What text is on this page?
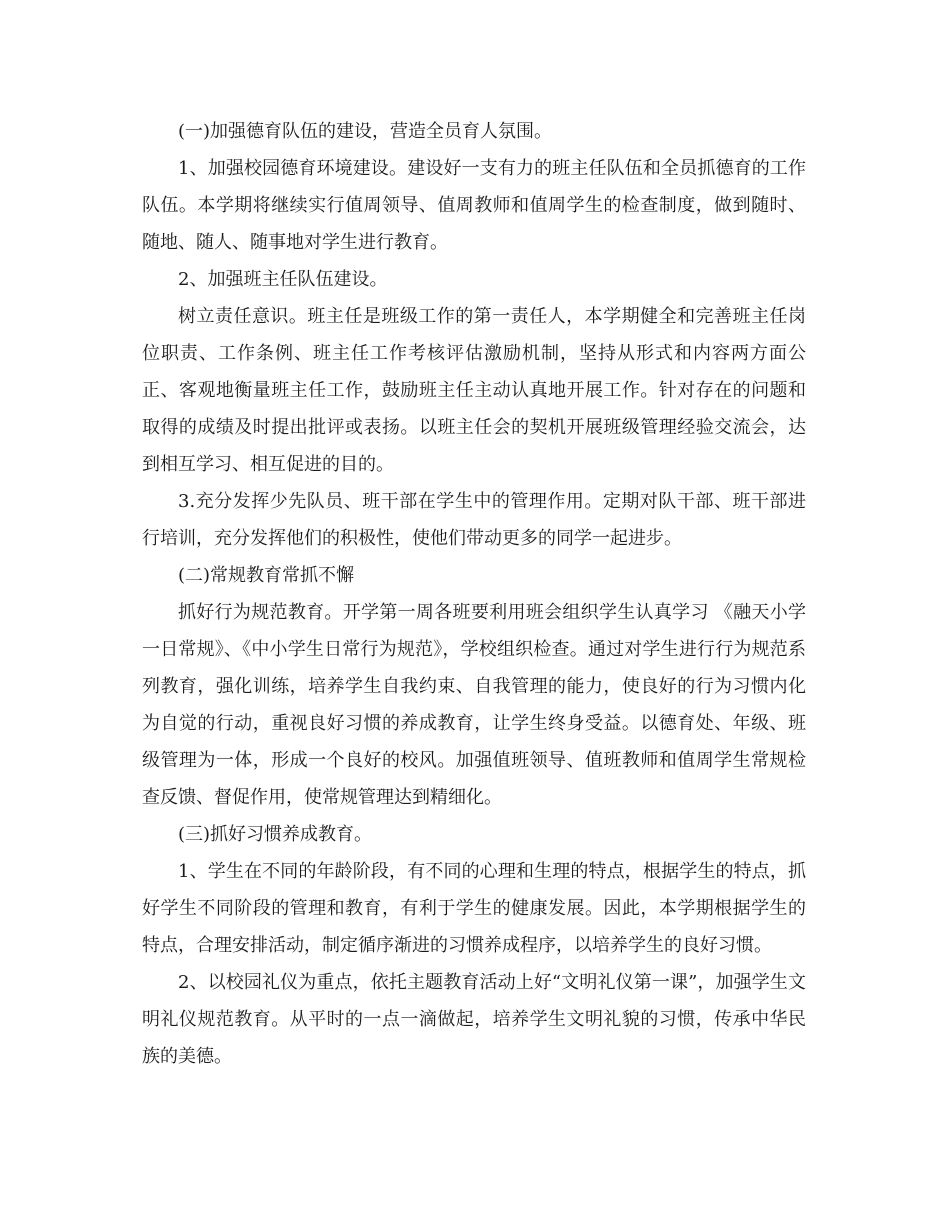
(一)加强德育队伍的建设，营造全员育人氛围。

1、加强校园德育环境建设。建设好一支有力的班主任队伍和全员抓德育的工作队伍。本学期将继续实行值周领导、值周教师和值周学生的检查制度，做到随时、随地、随人、随事地对学生进行教育。

2、加强班主任队伍建设。

树立责任意识。班主任是班级工作的第一责任人，本学期健全和完善班主任岗位职责、工作条例、班主任工作考核评估激励机制，坚持从形式和内容两方面公正、客观地衡量班主任工作，鼓励班主任主动认真地开展工作。针对存在的问题和取得的成绩及时提出批评或表扬。以班主任会的契机开展班级管理经验交流会，达到相互学习、相互促进的目的。

3.充分发挥少先队员、班干部在学生中的管理作用。定期对队干部、班干部进行培训，充分发挥他们的积极性，使他们带动更多的同学一起进步。

(二)常规教育常抓不懈

抓好行为规范教育。开学第一周各班要利用班会组织学生认真学习 《融天小学一日常规》、《中小学生日常行为规范》，学校组织检查。通过对学生进行行为规范系列教育，强化训练，培养学生自我约束、自我管理的能力，使良好的行为习惯内化为自觉的行动，重视良好习惯的养成教育，让学生终身受益。以德育处、年级、班级管理为一体，形成一个良好的校风。加强值班领导、值班教师和值周学生常规检查反馈、督促作用，使常规管理达到精细化。

(三)抓好习惯养成教育。

1、学生在不同的年龄阶段，有不同的心理和生理的特点，根据学生的特点，抓好学生不同阶段的管理和教育，有利于学生的健康发展。因此，本学期根据学生的特点，合理安排活动，制定循序渐进的习惯养成程序，以培养学生的良好习惯。

2、以校园礼仪为重点，依托主题教育活动上好“文明礼仪第一课”，加强学生文明礼仪规范教育。从平时的一点一滴做起，培养学生文明礼貌的习惯，传承中华民族的美德。
